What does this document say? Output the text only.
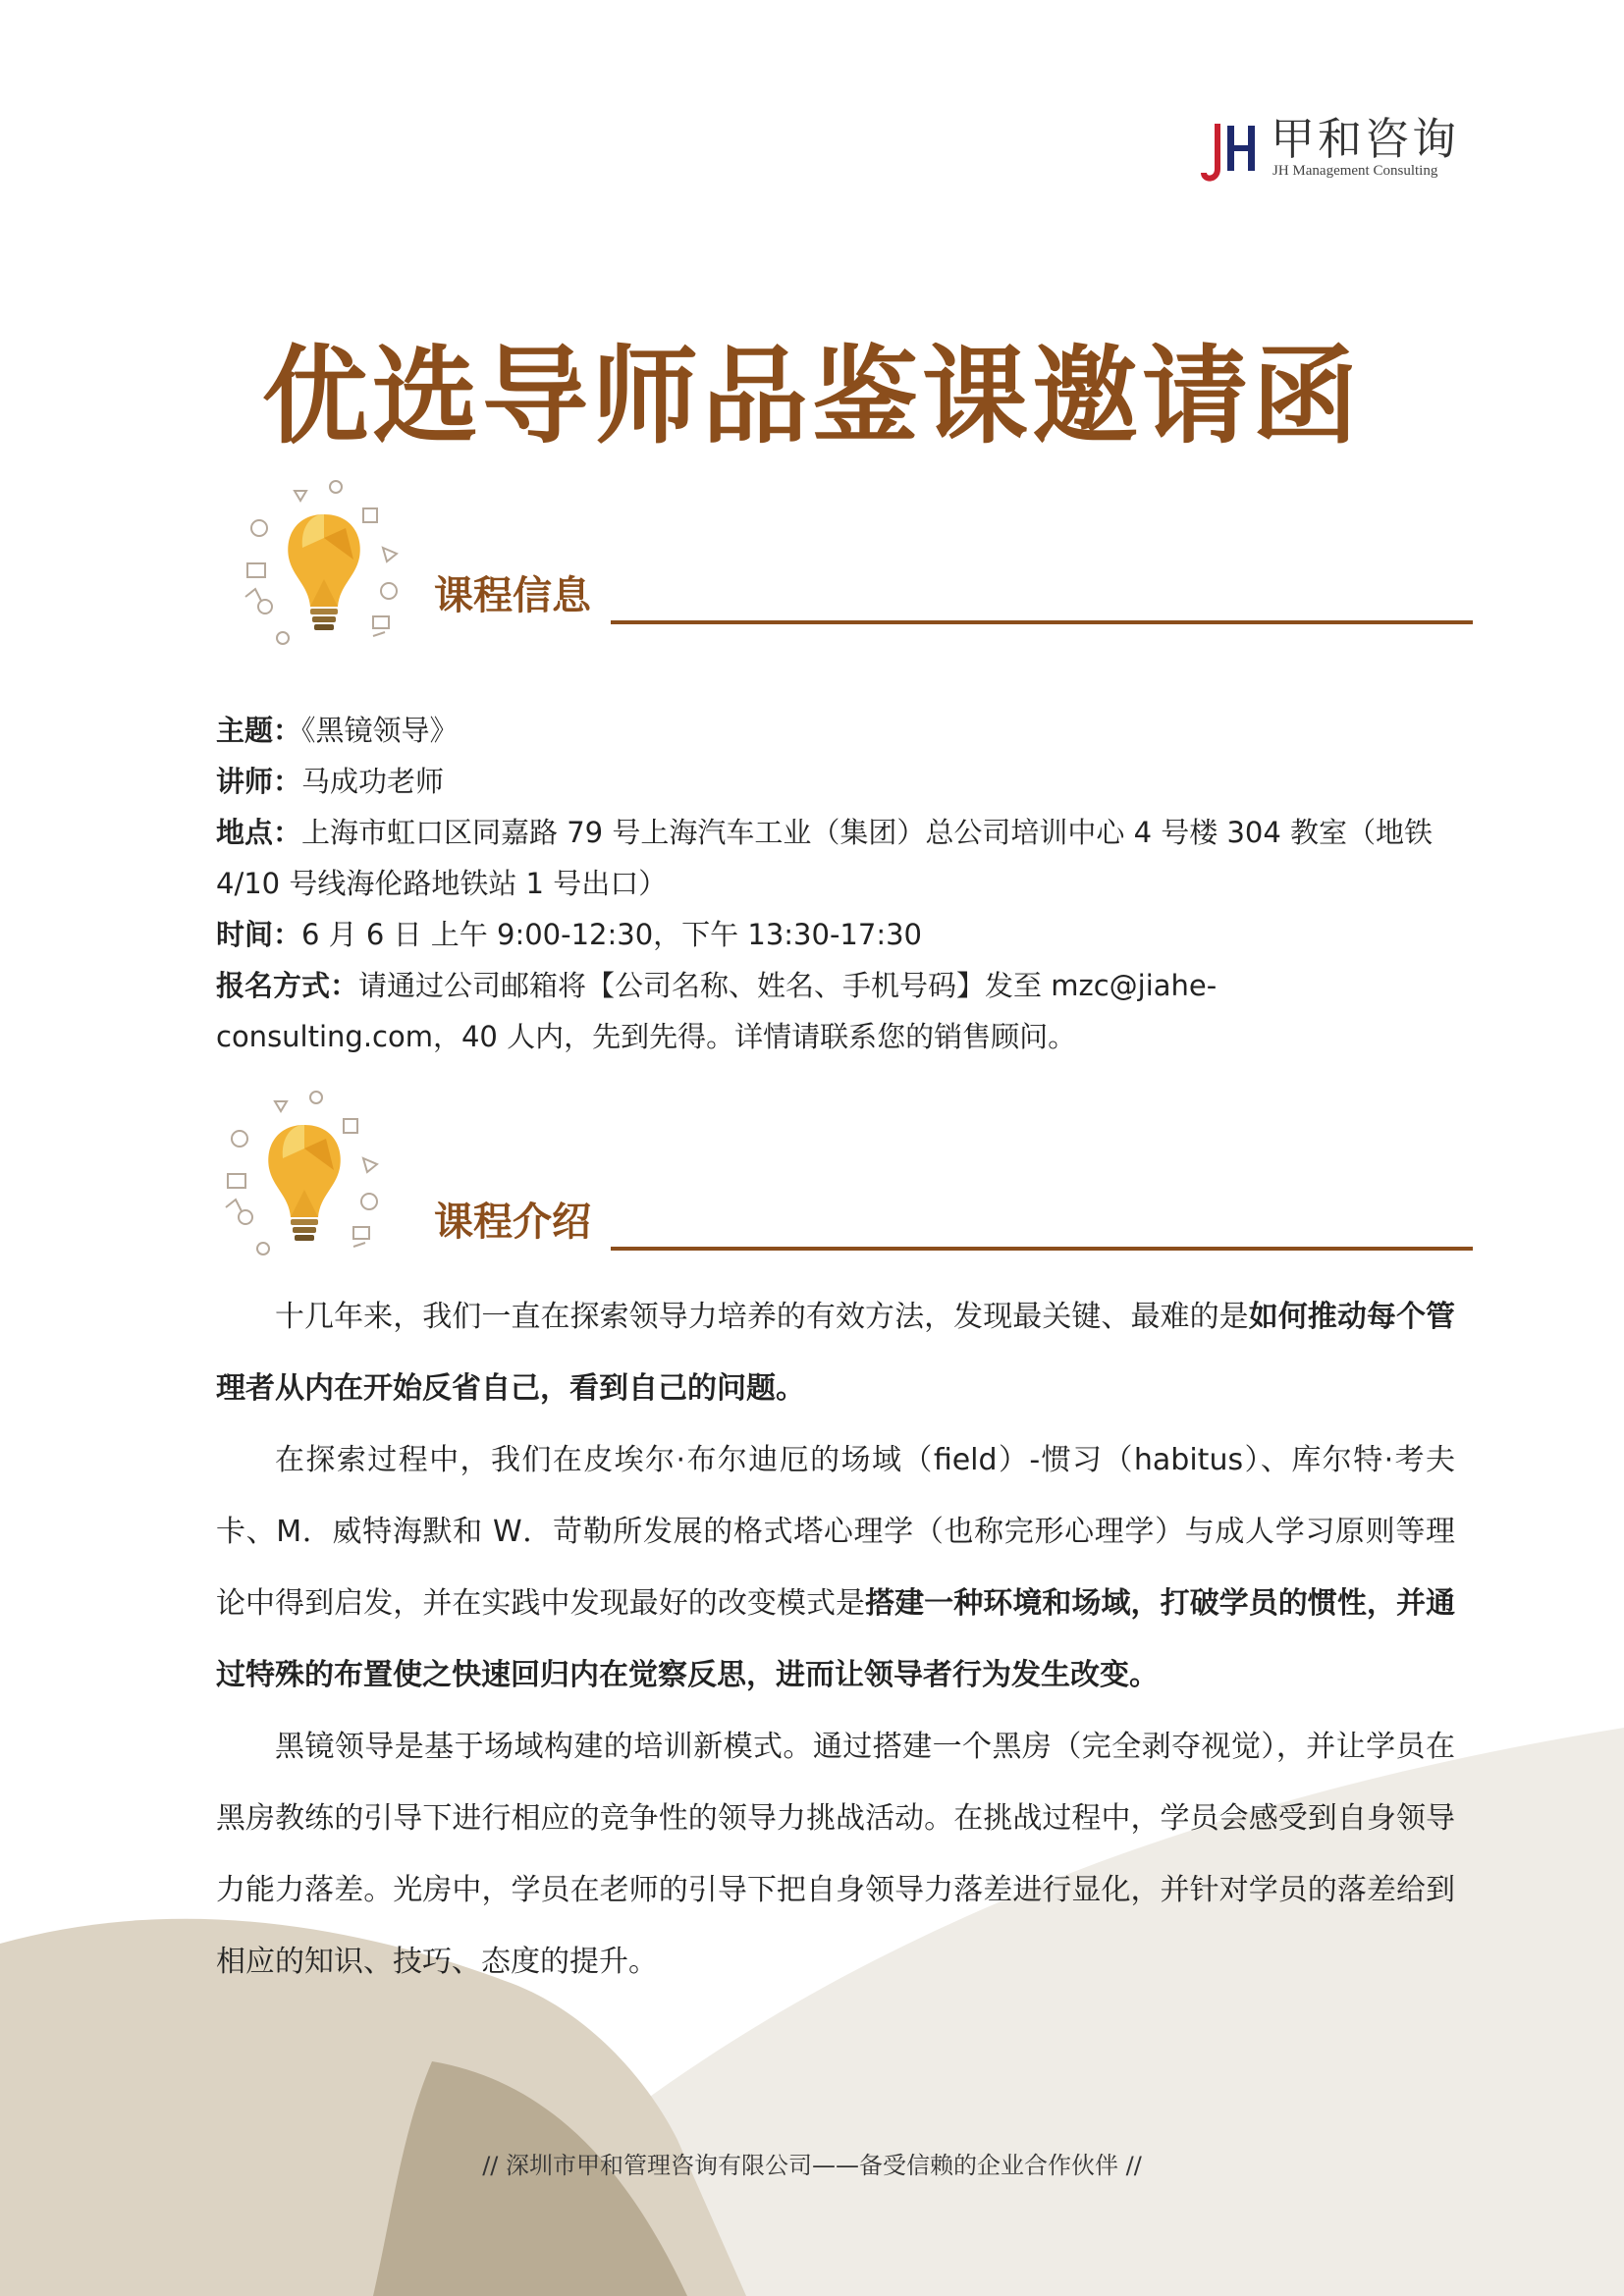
甲和咨询
JH Management Consulting
优选导师品鉴课邀请函
课程信息

主题：《黑镜领导》

讲师：马成功老师

地点：上海市虹口区同嘉路 79 号上海汽车工业（集团）总公司培训中心 4 号楼 304 教室（地铁 4/10 号线海伦路地铁站 1 号出口）

时间：6 月 6 日 上午 9:00-12:30，下午 13:30-17:30

报名方式：请通过公司邮箱将【公司名称、姓名、手机号码】发至 mzc@jiahe-consulting.com，40 人内，先到先得。详情请联系您的销售顾问。

课程介绍

十几年来，我们一直在探索领导力培养的有效方法，发现最关键、最难的是如何推动每个管理者从内在开始反省自己，看到自己的问题。

在探索过程中，我们在皮埃尔·布尔迪厄的场域（field）-惯习（habitus）、库尔特·考夫卡、M．威特海默和 W．苛勒所发展的格式塔心理学（也称完形心理学）与成人学习原则等理论中得到启发，并在实践中发现最好的改变模式是搭建一种环境和场域，打破学员的惯性，并通过特殊的布置使之快速回归内在觉察反思，进而让领导者行为发生改变。

黑镜领导是基于场域构建的培训新模式。通过搭建一个黑房（完全剥夺视觉），并让学员在黑房教练的引导下进行相应的竞争性的领导力挑战活动。在挑战过程中，学员会感受到自身领导力能力落差。光房中，学员在老师的引导下把自身领导力落差进行显化，并针对学员的落差给到相应的知识、技巧、态度的提升。

// 深圳市甲和管理咨询有限公司——备受信赖的企业合作伙伴 //
